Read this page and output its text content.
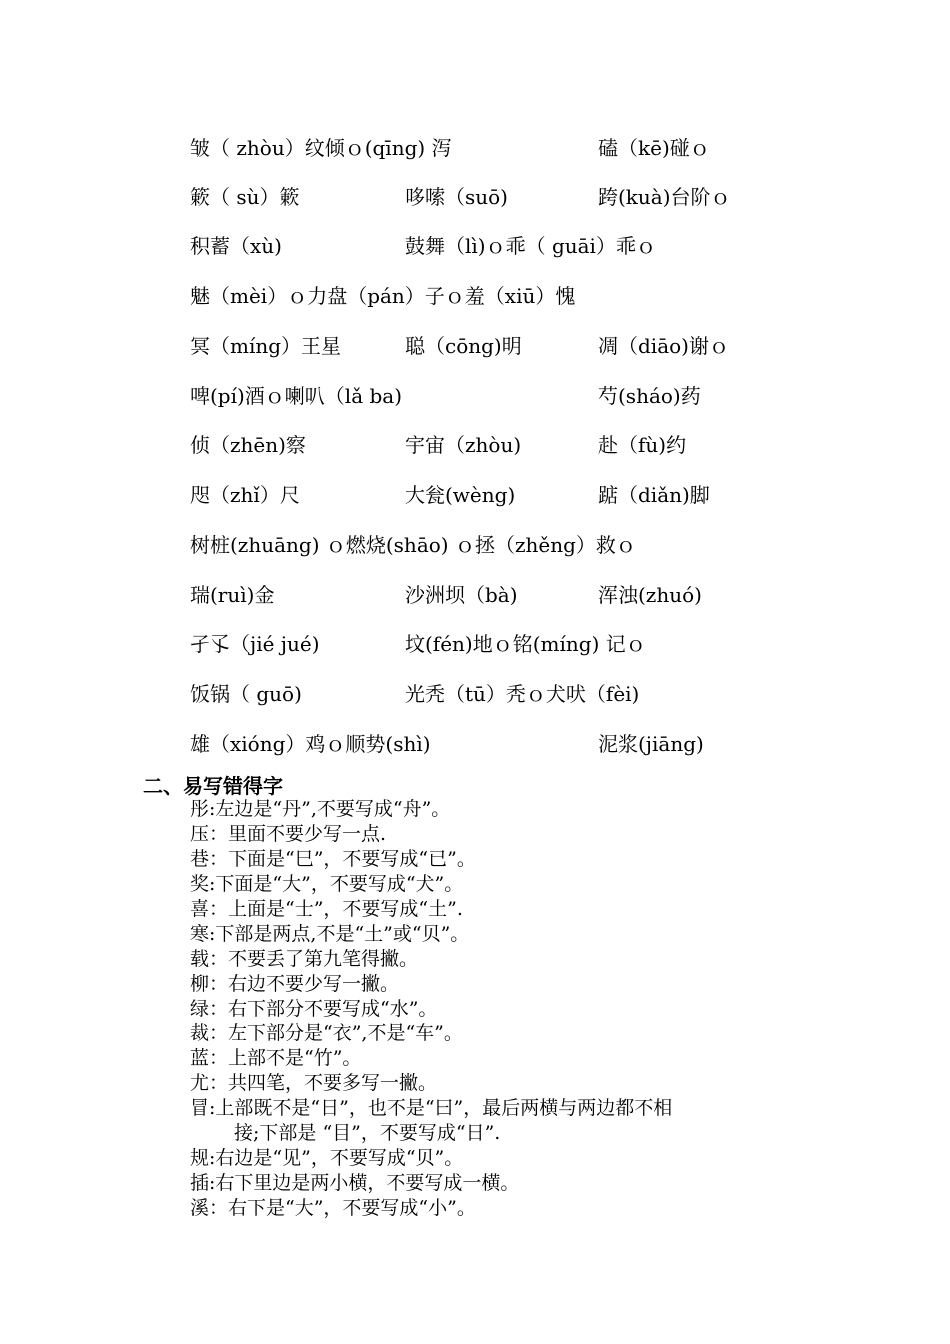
皱（ zhòu）纹倾ｏ(qīng) 泻	磕（kē)碰ｏ
簌（ sù）簌	哆嗦（suō)	跨(kuà)台阶ｏ
积蓄（xù)	鼓舞（lì)ｏ乖（ guāi）乖ｏ
魅（mèi）ｏ力盘（pán）子ｏ羞（xiū）愧
冥（míng）王星	聪（cōng)明	凋（diāo)谢ｏ
啤(pí)酒ｏ喇叭（lǎ ba)	芍(sháo)药
侦（zhēn)察	宇宙（zhòu)	赴（fù)约
咫（zhǐ）尺	大瓮(wèng)	踮（diǎn)脚
树桩(zhuāng) ｏ燃烧(shāo) ｏ拯（zhěng）救ｏ
瑞(ruì)金	沙洲坝（bà)	浑浊(zhuó)
孑孓（jié jué)	坟(fén)地ｏ铭(míng) 记ｏ
饭锅（ guō)	光秃（tū）秃ｏ犬吠（fèi)
雄（xióng）鸡ｏ顺势(shì)	泥浆(jiāng)
二、易写错得字
彤:左边是“丹”,不要写成“舟”。
压：里面不要少写一点.
巷：下面是“巳”，不要写成“已”。
奖:下面是“大”，不要写成“犬”。
喜：上面是“士”，不要写成“土”.
寒:下部是两点,不是“土”或“贝”。
载：不要丢了第九笔得撇。
柳：右边不要少写一撇。
绿：右下部分不要写成“水”。
裁：左下部分是“衣”,不是“车”。
蓝：上部不是“竹”。
尤：共四笔，不要多写一撇。
冒:上部既不是“日”，也不是“曰”，最后两横与两边都不相
接;下部是 “目”，不要写成“日”.
规:右边是“见”，不要写成“贝”。
插:右下里边是两小横，不要写成一横。
溪：右下是“大”，不要写成“小”。
